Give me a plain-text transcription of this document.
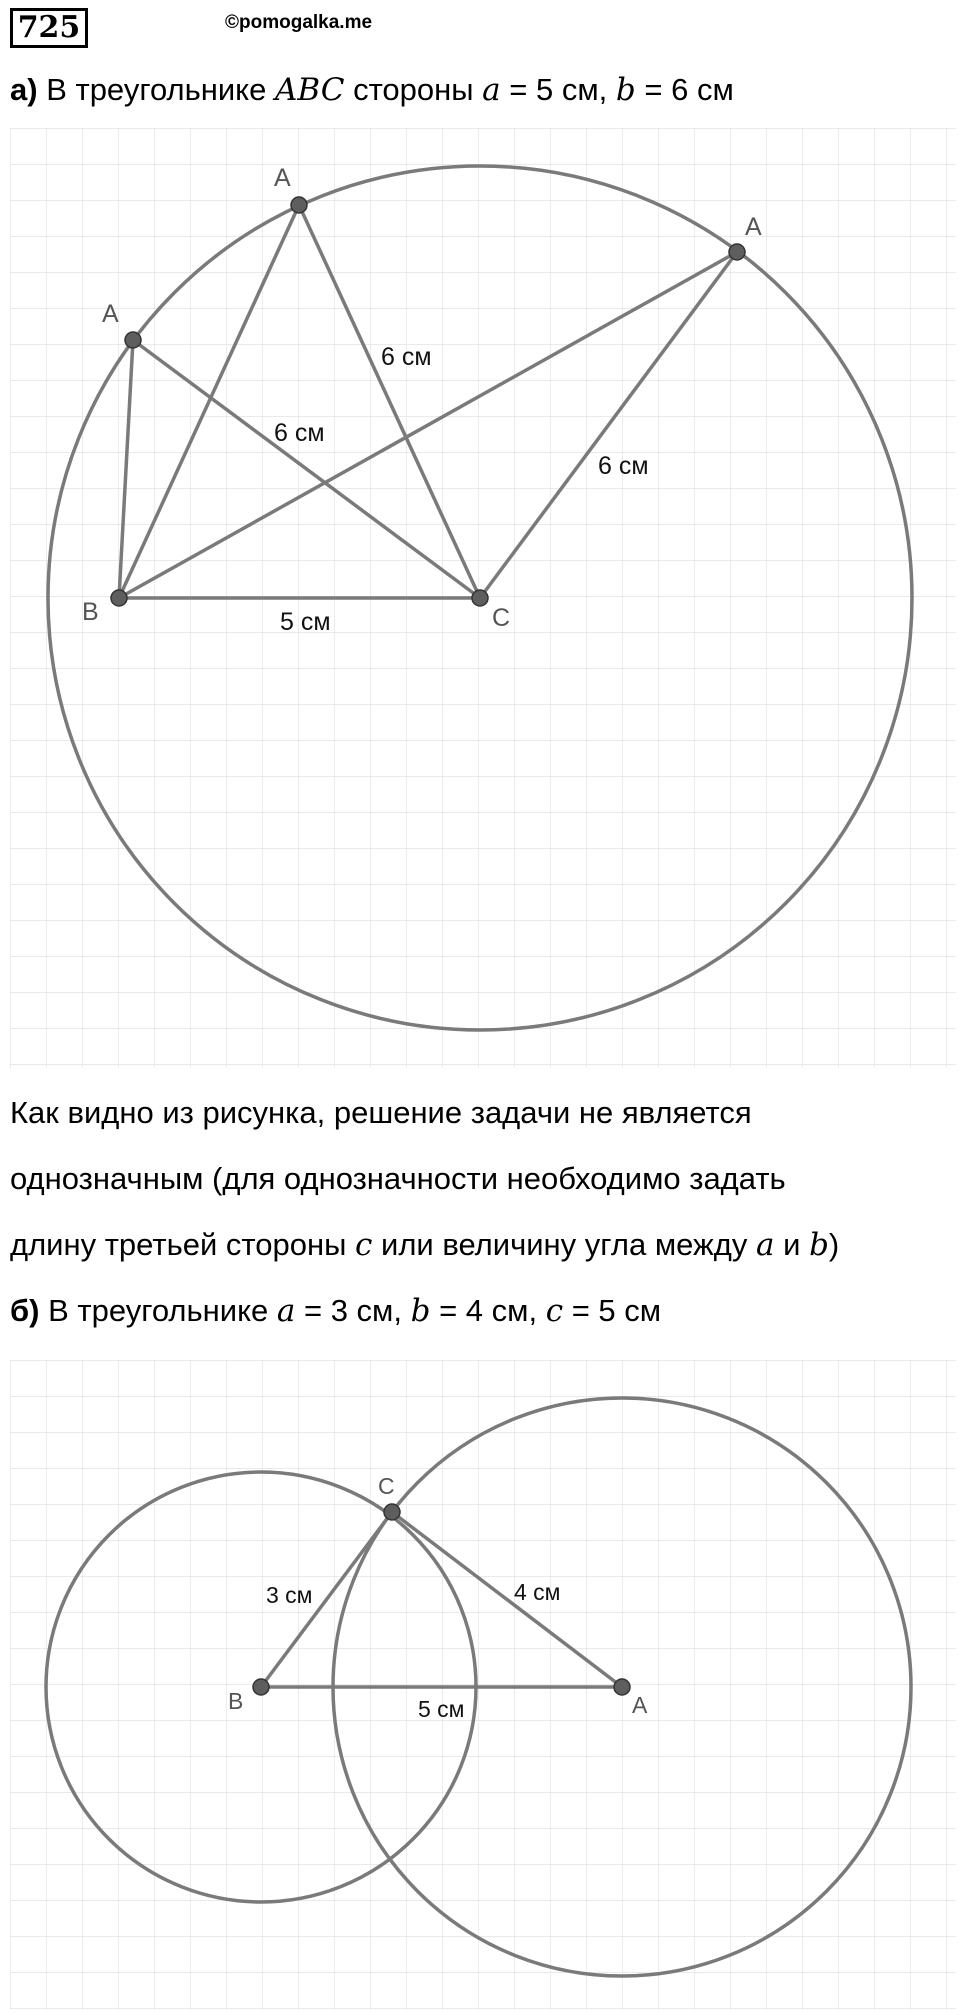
725	©pomogalka.me
а) В треугольнике ABC стороны a = 5 см, b = 6 см
A
A
A
B	C
6 см
6 см
6 см
5 см
Как видно из рисунка, решение задачи не является
однозначным (для однозначности необходимо задать
длину третьей стороны c или величину угла между a и b)
б) В треугольнике a = 3 см, b = 4 см, c = 5 см
C
B	A
3 см	4 см
5 см
